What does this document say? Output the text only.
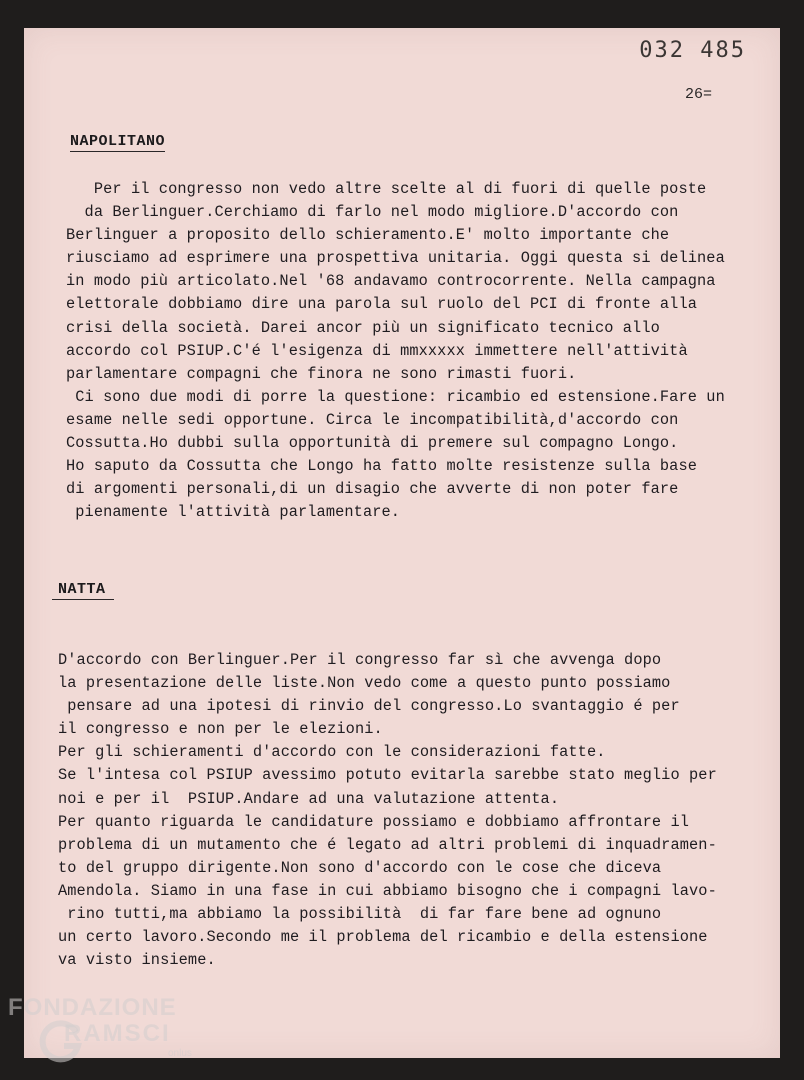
032 485
26=
NAPOLITANO
Per il congresso non vedo altre scelte al di fuori di quelle poste
da Berlinguer.Cerchiamo di farlo nel modo migliore.D'accordo con
Berlinguer a proposito dello schieramento.E' molto importante che
riusciamo ad esprimere una prospettiva unitaria. Oggi questa si delinea
in modo più articolato.Nel '68 andavamo controcorrente. Nella campagna
elettorale dobbiamo dire una parola sul ruolo del PCI di fronte alla
crisi della società. Darei ancor più un significato tecnico allo
accordo col PSIUP.C'é l'esigenza di mmxxxxx immettere nell'attività
parlamentare compagni che finora ne sono rimasti fuori.
Ci sono due modi di porre la questione: ricambio ed estensione.Fare un
esame nelle sedi opportune. Circa le incompatibilità,d'accordo con
Cossutta.Ho dubbi sulla opportunità di premere sul compagno Longo.
Ho saputo da Cossutta che Longo ha fatto molte resistenze sulla base
di argomenti personali,di un disagio che avverte di non poter fare
pienamente l'attività parlamentare.
NATTA
D'accordo con Berlinguer.Per il congresso far sì che avvenga dopo
la presentazione delle liste.Non vedo come a questo punto possiamo
pensare ad una ipotesi di rinvio del congresso.Lo svantaggio é per
il congresso e non per le elezioni.
Per gli schieramenti d'accordo con le considerazioni fatte.
Se l'intesa col PSIUP avessimo potuto evitarla sarebbe stato meglio per
noi e per il  PSIUP.Andare ad una valutazione attenta.
Per quanto riguarda le candidature possiamo e dobbiamo affrontare il
problema di un mutamento che é legato ad altri problemi di inquadramen-
to del gruppo dirigente.Non sono d'accordo con le cose che diceva
Amendola. Siamo in una fase in cui abbiamo bisogno che i compagni lavo-
rino tutti,ma abbiamo la possibilità  di far fare bene ad ognuno
un certo lavoro.Secondo me il problema del ricambio e della estensione
va visto insieme.
FONDAZIONE
RAMSCI
onlus
